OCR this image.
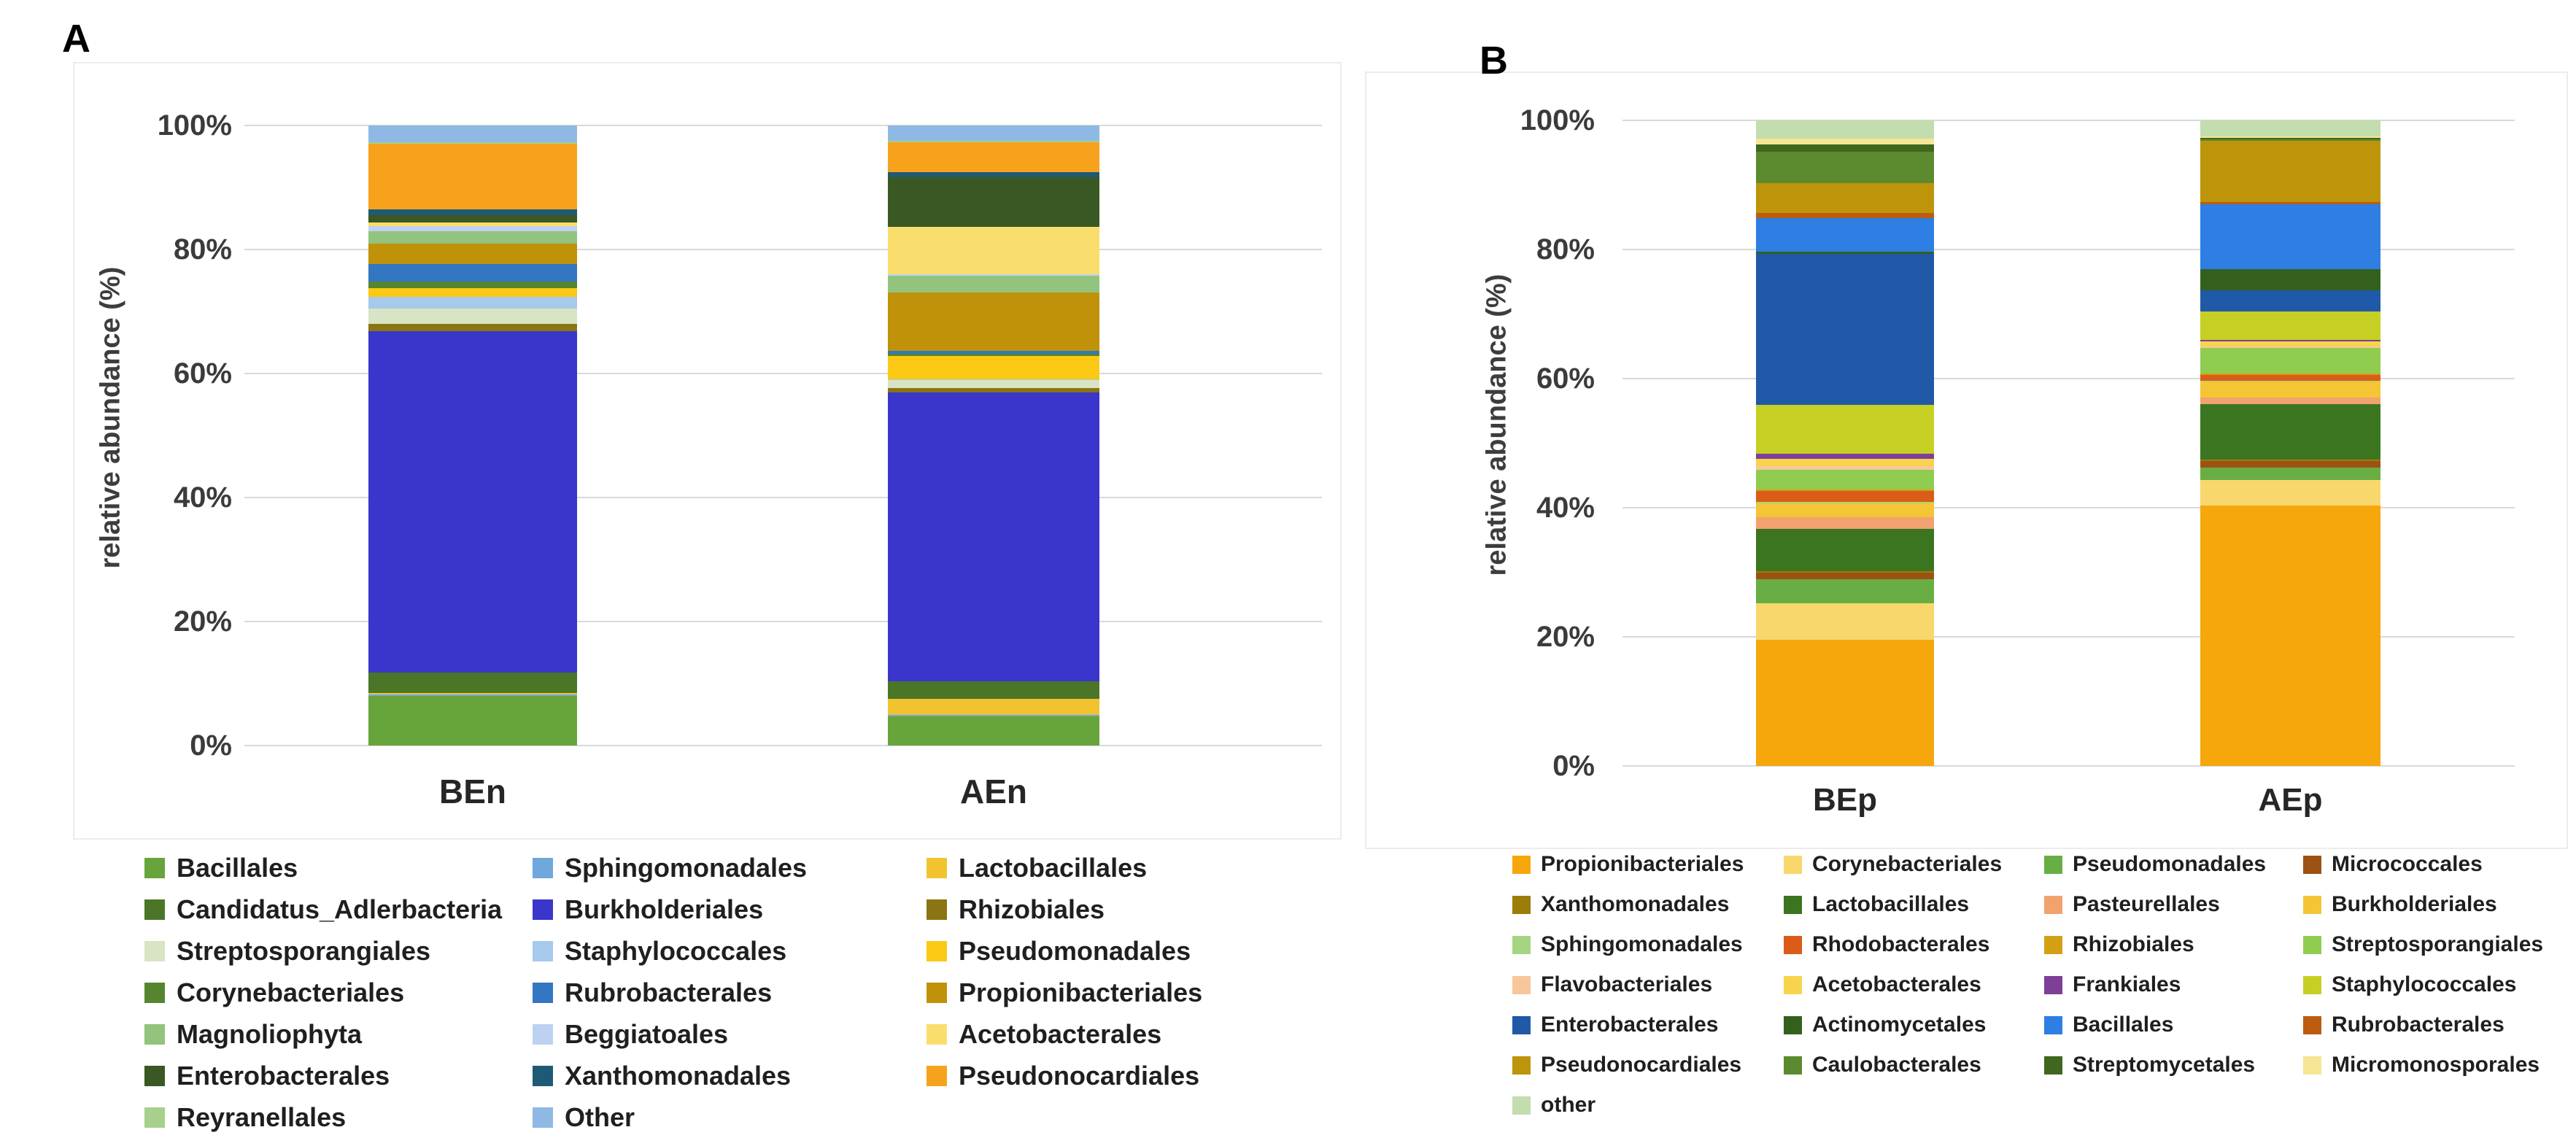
A
relative abundance (%)
0%
20%
40%
60%
80%
100%
BEn	AEn
Bacillales
Candidatus_Adlerbacteria
Streptosporangiales
Corynebacteriales
Magnoliophyta
Enterobacterales
Reyranellales
Sphingomonadales
Burkholderiales
Staphylococcales
Rubrobacterales
Beggiatoales
Xanthomonadales
Other
Lactobacillales
Rhizobiales
Pseudomonadales
Propionibacteriales
Acetobacterales
Pseudonocardiales
B
relative abundance (%)
0%
20%
40%
60%
80%
100%
BEp	AEp
Propionibacteriales
Xanthomonadales
Sphingomonadales
Flavobacteriales
Enterobacterales
Pseudonocardiales
other
Corynebacteriales
Lactobacillales
Rhodobacterales
Acetobacterales
Actinomycetales
Caulobacterales
Pseudomonadales
Pasteurellales
Rhizobiales
Frankiales
Bacillales
Streptomycetales
Micrococcales
Burkholderiales
Streptosporangiales
Staphylococcales
Rubrobacterales
Micromonosporales
